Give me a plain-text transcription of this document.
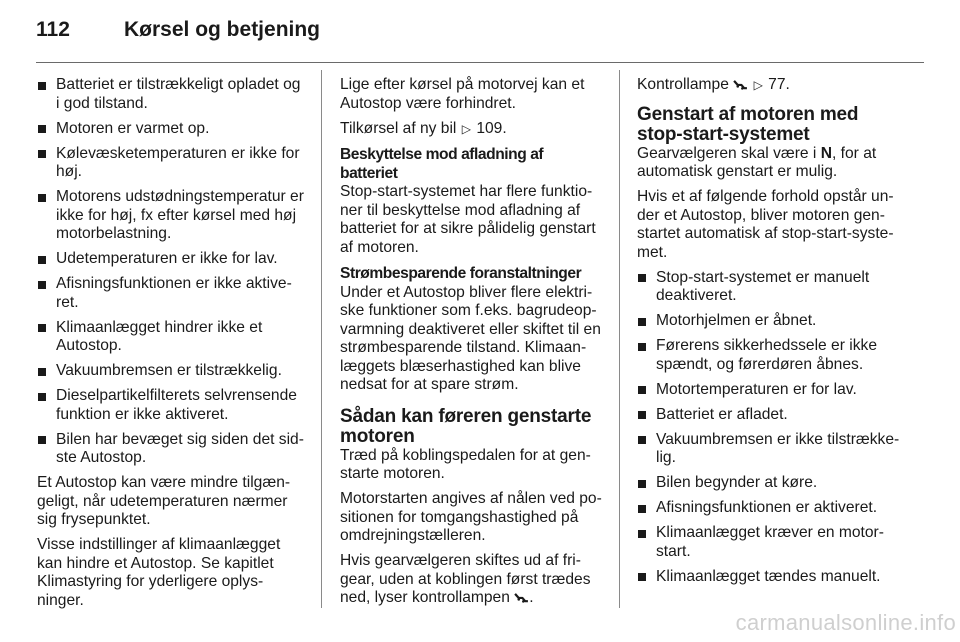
112	Kørsel og betjening
Batteriet er tilstrækkeligt opladet og i god tilstand.
Motoren er varmet op.
Kølevæsketemperaturen er ikke for høj.
Motorens udstødningstemperatur er ikke for høj, fx efter kørsel med høj motorbelastning.
Udetemperaturen er ikke for lav.
Afisningsfunktionen er ikke aktive-ret.
Klimaanlægget hindrer ikke et Autostop.
Vakuumbremsen er tilstrækkelig.
Dieselpartikelfilterets selvrensende funktion er ikke aktiveret.
Bilen har bevæget sig siden det sid-ste Autostop.

Et Autostop kan være mindre tilgæn-geligt, når udetemperaturen nærmer sig frysepunktet.

Visse indstillinger af klimaanlægget kan hindre et Autostop. Se kapitlet Klimastyring for yderligere oplys-ninger.

Lige efter kørsel på motorvej kan et Autostop være forhindret.

Tilkørsel af ny bil ▷ 109.

Beskyttelse mod afladning af batteriet

Stop-start-systemet har flere funktio-ner til beskyttelse mod afladning af batteriet for at sikre pålidelig genstart af motoren.

Strømbesparende foranstaltninger

Under et Autostop bliver flere elektri-ske funktioner som f.eks. bagrudeop-varmning deaktiveret eller skiftet til en strømbesparende tilstand. Klimaan-læggets blæserhastighed kan blive nedsat for at spare strøm.

Sådan kan føreren genstarte motoren

Træd på koblingspedalen for at gen-starte motoren.

Motorstarten angives af nålen ved po-sitionen for tomgangshastighed på omdrejningstælleren.

Hvis gearvælgeren skiftes ud af fri-gear, uden at koblingen først trædes ned, lyser kontrollampen .

Kontrollampe ▷ 77.

Genstart af motoren med stop-start-systemet

Gearvælgeren skal være i N, for at automatisk genstart er mulig.

Hvis et af følgende forhold opstår un-der et Autostop, bliver motoren gen-startet automatisk af stop-start-syste-met.

Stop-start-systemet er manuelt deaktiveret.
Motorhjelmen er åbnet.
Førerens sikkerhedssele er ikke spændt, og førerdøren åbnes.
Motortemperaturen er for lav.
Batteriet er afladet.
Vakuumbremsen er ikke tilstrække-lig.
Bilen begynder at køre.
Afisningsfunktionen er aktiveret.
Klimaanlægget kræver en motor-start.
Klimaanlægget tændes manuelt.
carmanualsonline.info
